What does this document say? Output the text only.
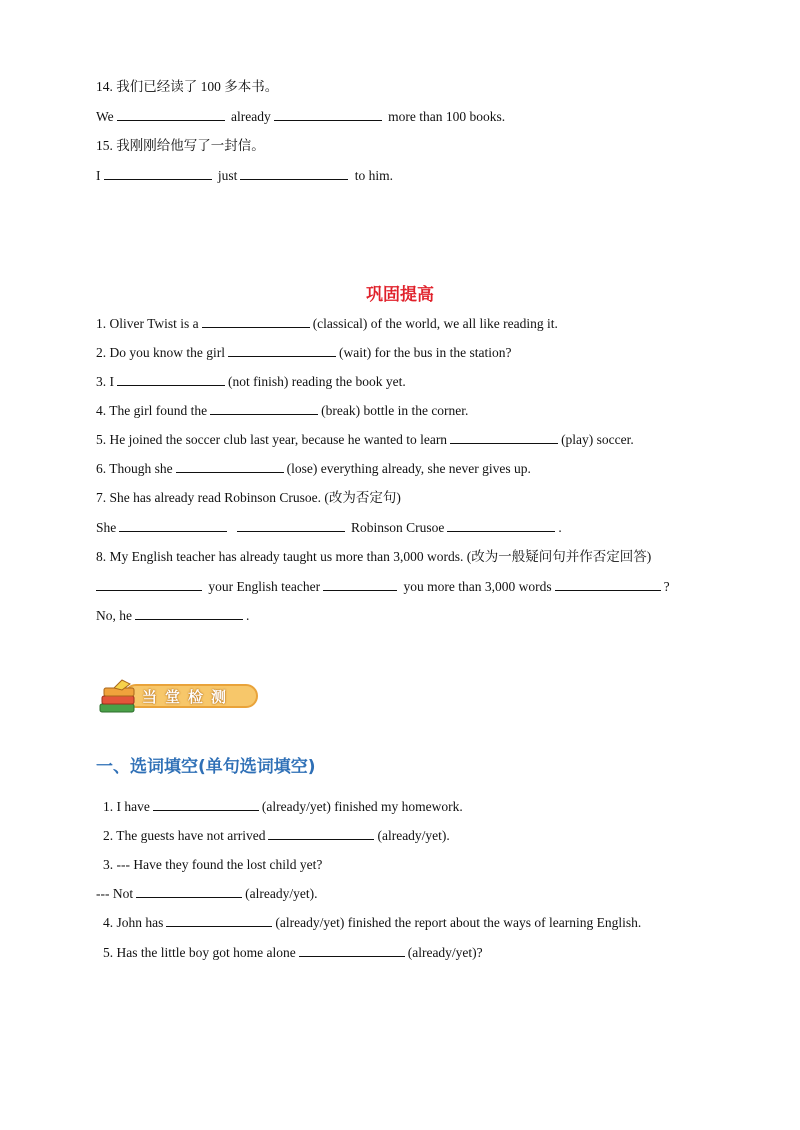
14. 我们已经读了 100 多本书。
We	already	more than 100 books.
15. 我刚刚给他写了一封信。
I	just	to him.
巩固提高
1. Oliver Twist is a	(classical) of the world, we all like reading it.
2. Do you know the girl	(wait) for the bus in the station?
3. I	(not finish) reading the book yet.
4. The girl found the	(break) bottle in the corner.
5. He joined the soccer club last year, because he wanted to learn	(play) soccer.
6. Though she	(lose) everything already, she never gives up.
7. She has already read Robinson Crusoe. (改为否定句)
She	Robinson Crusoe	.
8. My English teacher has already taught us more than 3,000 words. (改为一般疑问句并作否定回答)
your English teacher	you more than 3,000 words	?
No, he	.
当堂检测
一、选词填空(单句选词填空)
1. I have	(already/yet) finished my homework.
2. The guests have not arrived	(already/yet).
3. --- Have they found the lost child yet?
--- Not	(already/yet).
4. John has	(already/yet) finished the report about the ways of learning English.
5. Has the little boy got home alone	(already/yet)?
